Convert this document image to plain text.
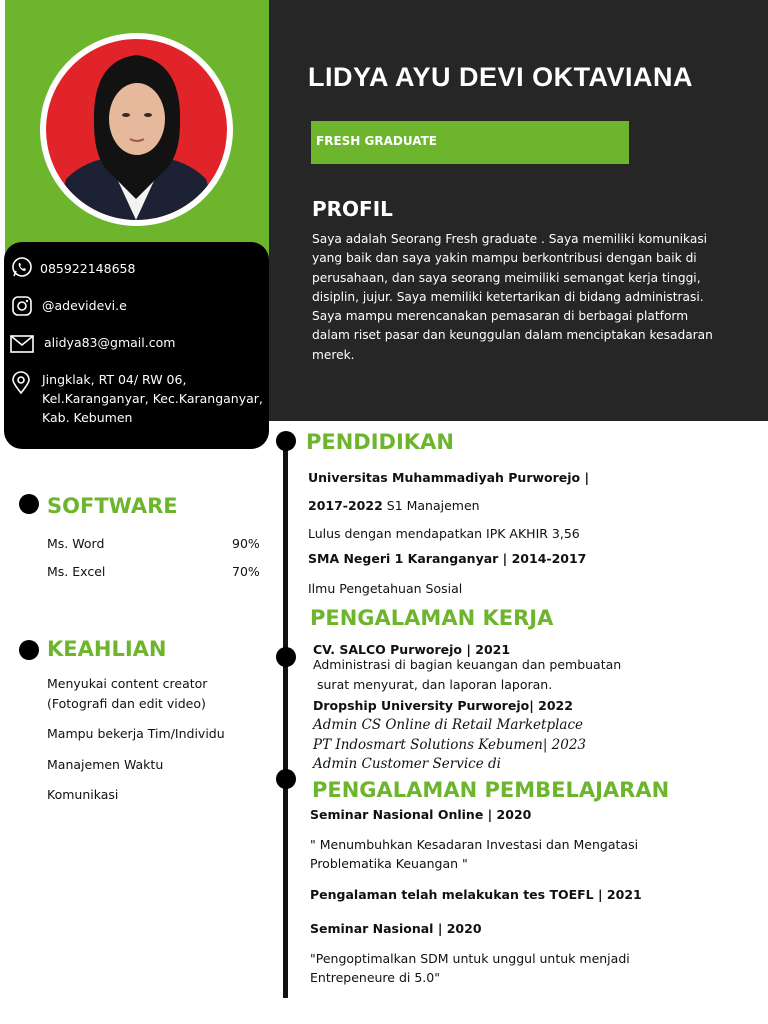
085922148658
@adevidevi.e
alidya83@gmail.com
Jingklak, RT 04/ RW 06,
Kel.Karanganyar, Kec.Karanganyar,
Kab. Kebumen
LIDYA AYU DEVI OKTAVIANA
FRESH GRADUATE
PROFIL
Saya adalah Seorang Fresh graduate . Saya memiliki komunikasi
yang baik dan saya yakin mampu berkontribusi dengan baik di
perusahaan, dan saya seorang meimiliki semangat kerja tinggi,
disiplin, jujur. Saya memiliki ketertarikan di bidang administrasi.
Saya mampu merencanakan pemasaran di berbagai platform
dalam riset pasar dan keunggulan dalam menciptakan kesadaran
merek.
SOFTWARE
Ms. Word	90%
Ms. Excel	70%
KEAHLIAN
Menyukai content creator
(Fotografi dan edit video)
Mampu bekerja Tim/Individu
Manajemen Waktu
Komunikasi
PENDIDIKAN
Universitas Muhammadiyah Purworejo |
2017-2022 S1 Manajemen
Lulus dengan mendapatkan IPK AKHIR 3,56
SMA Negeri 1 Karanganyar | 2014-2017
Ilmu Pengetahuan Sosial
PENGALAMAN KERJA
CV. SALCO Purworejo | 2021
Administrasi di bagian keuangan dan pembuatan
surat menyurat, dan laporan laporan.
Dropship University Purworejo| 2022
Admin CS Online di Retail Marketplace
PT Indosmart Solutions Kebumen| 2023
Admin Customer Service di
PENGALAMAN PEMBELAJARAN
Seminar Nasional Online | 2020
" Menumbuhkan Kesadaran Investasi dan Mengatasi
Problematika Keuangan "
Pengalaman telah melakukan tes TOEFL | 2021
Seminar Nasional | 2020
"Pengoptimalkan SDM untuk unggul untuk menjadi
Entrepeneure di 5.0"
